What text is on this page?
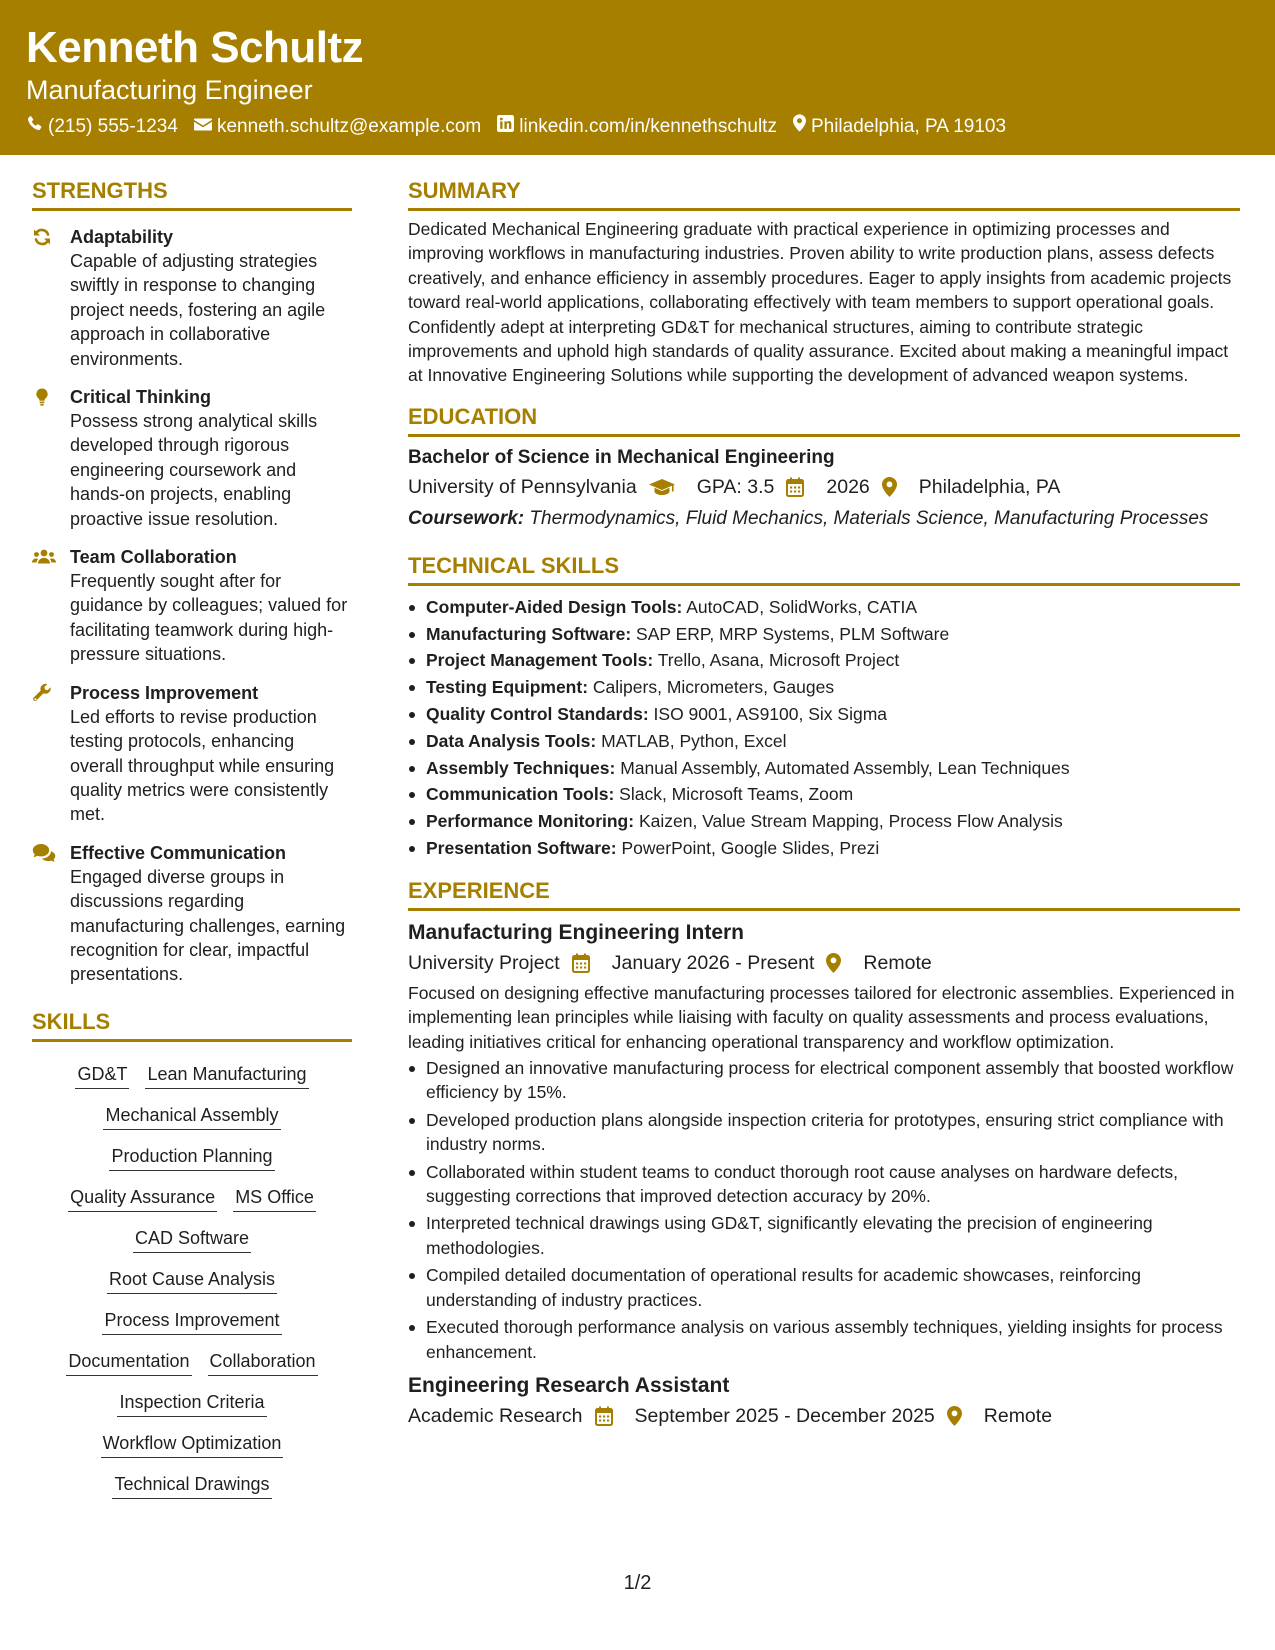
Kenneth Schultz
Manufacturing Engineer
(215) 555-1234 kenneth.schultz@example.com linkedin.com/in/kennethschultz Philadelphia, PA 19103
STRENGTHS
Adaptability
Capable of adjusting strategies swiftly in response to changing project needs, fostering an agile approach in collaborative environments.
Critical Thinking
Possess strong analytical skills developed through rigorous engineering coursework and hands-on projects, enabling proactive issue resolution.
Team Collaboration
Frequently sought after for guidance by colleagues; valued for facilitating teamwork during high-pressure situations.
Process Improvement
Led efforts to revise production testing protocols, enhancing overall throughput while ensuring quality metrics were consistently met.
Effective Communication
Engaged diverse groups in discussions regarding manufacturing challenges, earning recognition for clear, impactful presentations.
SKILLS
GD&T Lean Manufacturing
Mechanical Assembly
Production Planning
Quality Assurance MS Office
CAD Software
Root Cause Analysis
Process Improvement
Documentation Collaboration
Inspection Criteria
Workflow Optimization
Technical Drawings
SUMMARY
Dedicated Mechanical Engineering graduate with practical experience in optimizing processes and improving workflows in manufacturing industries. Proven ability to write production plans, assess defects creatively, and enhance efficiency in assembly procedures. Eager to apply insights from academic projects toward real-world applications, collaborating effectively with team members to support operational goals. Confidently adept at interpreting GD&T for mechanical structures, aiming to contribute strategic improvements and uphold high standards of quality assurance. Excited about making a meaningful impact at Innovative Engineering Solutions while supporting the development of advanced weapon systems.
EDUCATION
Bachelor of Science in Mechanical Engineering
University of Pennsylvania	GPA: 3.5	2026	Philadelphia, PA
Coursework: Thermodynamics, Fluid Mechanics, Materials Science, Manufacturing Processes
TECHNICAL SKILLS
Computer-Aided Design Tools: AutoCAD, SolidWorks, CATIA
Manufacturing Software: SAP ERP, MRP Systems, PLM Software
Project Management Tools: Trello, Asana, Microsoft Project
Testing Equipment: Calipers, Micrometers, Gauges
Quality Control Standards: ISO 9001, AS9100, Six Sigma
Data Analysis Tools: MATLAB, Python, Excel
Assembly Techniques: Manual Assembly, Automated Assembly, Lean Techniques
Communication Tools: Slack, Microsoft Teams, Zoom
Performance Monitoring: Kaizen, Value Stream Mapping, Process Flow Analysis
Presentation Software: PowerPoint, Google Slides, Prezi
EXPERIENCE
Manufacturing Engineering Intern
University Project	January 2026 - Present	Remote
Focused on designing effective manufacturing processes tailored for electronic assemblies. Experienced in implementing lean principles while liaising with faculty on quality assessments and process evaluations, leading initiatives critical for enhancing operational transparency and workflow optimization.
Designed an innovative manufacturing process for electrical component assembly that boosted workflow efficiency by 15%.
Developed production plans alongside inspection criteria for prototypes, ensuring strict compliance with industry norms.
Collaborated within student teams to conduct thorough root cause analyses on hardware defects, suggesting corrections that improved detection accuracy by 20%.
Interpreted technical drawings using GD&T, significantly elevating the precision of engineering methodologies.
Compiled detailed documentation of operational results for academic showcases, reinforcing understanding of industry practices.
Executed thorough performance analysis on various assembly techniques, yielding insights for process enhancement.
Engineering Research Assistant
Academic Research	September 2025 - December 2025	Remote
1/2
